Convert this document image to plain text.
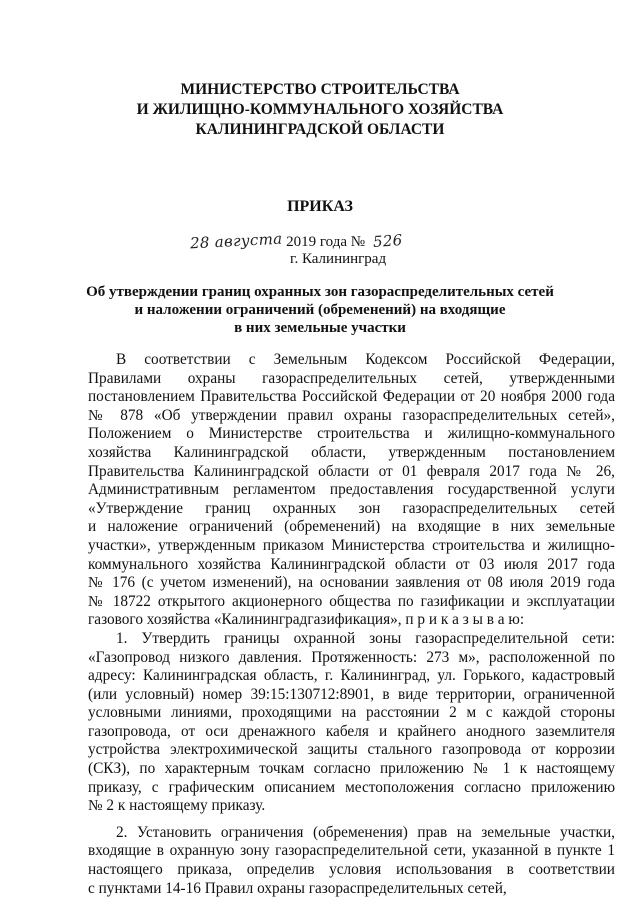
МИНИСТЕРСТВО СТРОИТЕЛЬСТВА
И ЖИЛИЩНО-КОММУНАЛЬНОГО ХОЗЯЙСТВА
КАЛИНИНГРАДСКОЙ ОБЛАСТИ
ПРИКАЗ
28 августа 2019 года № 526
г. Калининград
Об утверждении границ охранных зон газораспределительных сетей
и наложении ограничений (обременений) на входящие
в них земельные участки
В соответствии с Земельным Кодексом Российской Федерации,
Правилами охраны газораспределительных сетей, утвержденными
постановлением Правительства Российской Федерации от 20 ноября 2000 года
№ 878 «Об утверждении правил охраны газораспределительных сетей»,
Положением о Министерстве строительства и жилищно-коммунального
хозяйства Калининградской области, утвержденным постановлением
Правительства Калининградской области от 01 февраля 2017 года № 26,
Административным регламентом предоставления государственной услуги
«Утверждение границ охранных зон газораспределительных сетей
и наложение ограничений (обременений) на входящие в них земельные
участки», утвержденным приказом Министерства строительства и жилищно-
коммунального хозяйства Калининградской области от 03 июля 2017 года
№ 176 (с учетом изменений), на основании заявления от 08 июля 2019 года
№ 18722 открытого акционерного общества по газификации и эксплуатации
газового хозяйства «Калининградгазификация», п р и к а з ы в а ю:
1. Утвердить границы охранной зоны газораспределительной сети:
«Газопровод низкого давления. Протяженность: 273 м», расположенной по
адресу: Калининградская область, г. Калининград, ул. Горького, кадастровый
(или условный) номер 39:15:130712:8901, в виде территории, ограниченной
условными линиями, проходящими на расстоянии 2 м с каждой стороны
газопровода, от оси дренажного кабеля и крайнего анодного заземлителя
устройства электрохимической защиты стального газопровода от коррозии
(СКЗ), по характерным точкам согласно приложению № 1 к настоящему
приказу, с графическим описанием местоположения согласно приложению
№ 2 к настоящему приказу.
2. Установить ограничения (обременения) прав на земельные участки,
входящие в охранную зону газораспределительной сети, указанной в пункте 1
настоящего приказа, определив условия использования в соответствии
с пунктами 14-16 Правил охраны газораспределительных сетей,
